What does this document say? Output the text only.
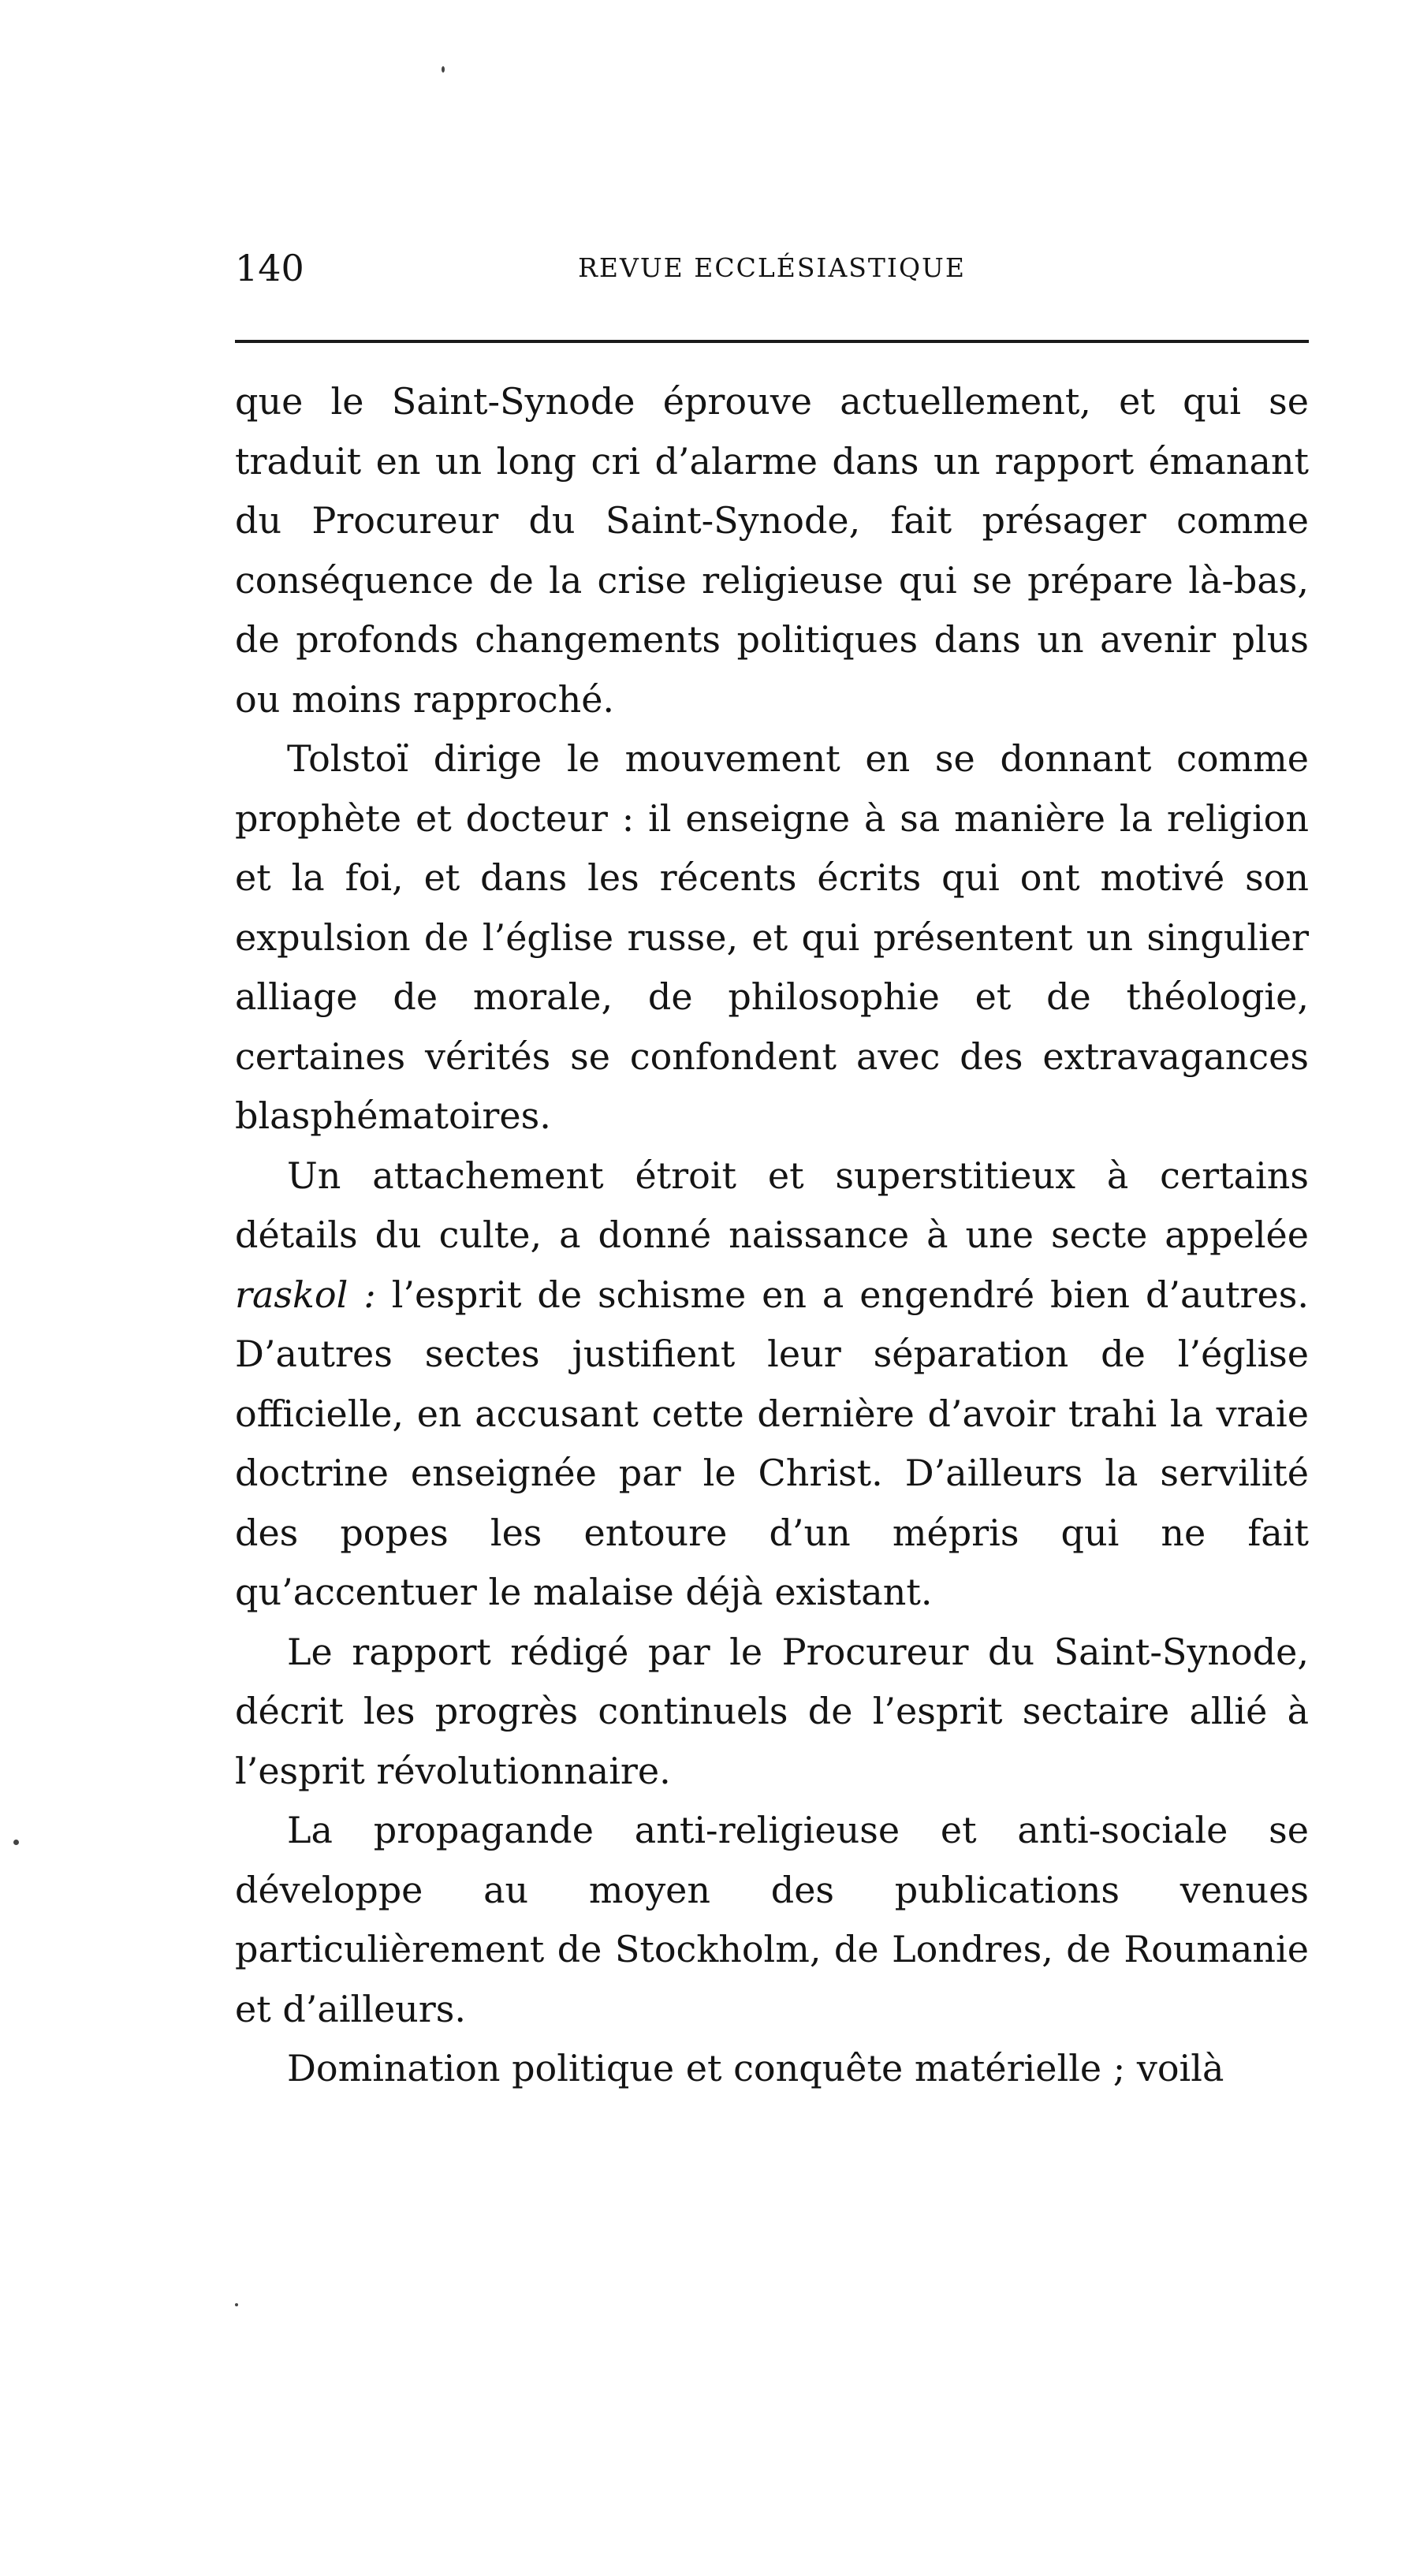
140	REVUE ECCLÉSIASTIQUE

que le Saint-Synode éprouve actuellement, et qui se traduit en un long cri d’alarme dans un rapport émanant du Procureur du Saint-Synode, fait présager comme conséquence de la crise religieuse qui se prépare là-bas, de profonds changements politiques dans un avenir plus ou moins rapproché.

Tolstoï dirige le mouvement en se donnant comme prophète et docteur : il enseigne à sa manière la religion et la foi, et dans les récents écrits qui ont motivé son expulsion de l’église russe, et qui présentent un singulier alliage de morale, de philosophie et de théologie, certaines vérités se confondent avec des extravagances blasphématoires.

Un attachement étroit et superstitieux à certains détails du culte, a donné naissance à une secte appelée raskol : l’esprit de schisme en a engendré bien d’autres. D’autres sectes justifient leur séparation de l’église officielle, en accusant cette dernière d’avoir trahi la vraie doctrine enseignée par le Christ. D’ailleurs la servilité des popes les entoure d’un mépris qui ne fait qu’accentuer le malaise déjà existant.

Le rapport rédigé par le Procureur du Saint-Synode, décrit les progrès continuels de l’esprit sectaire allié à l’esprit révolutionnaire.

La propagande anti-religieuse et anti-sociale se développe au moyen des publications venues particulièrement de Stockholm, de Londres, de Roumanie et d’ailleurs.

Domination politique et conquête matérielle ; voilà
